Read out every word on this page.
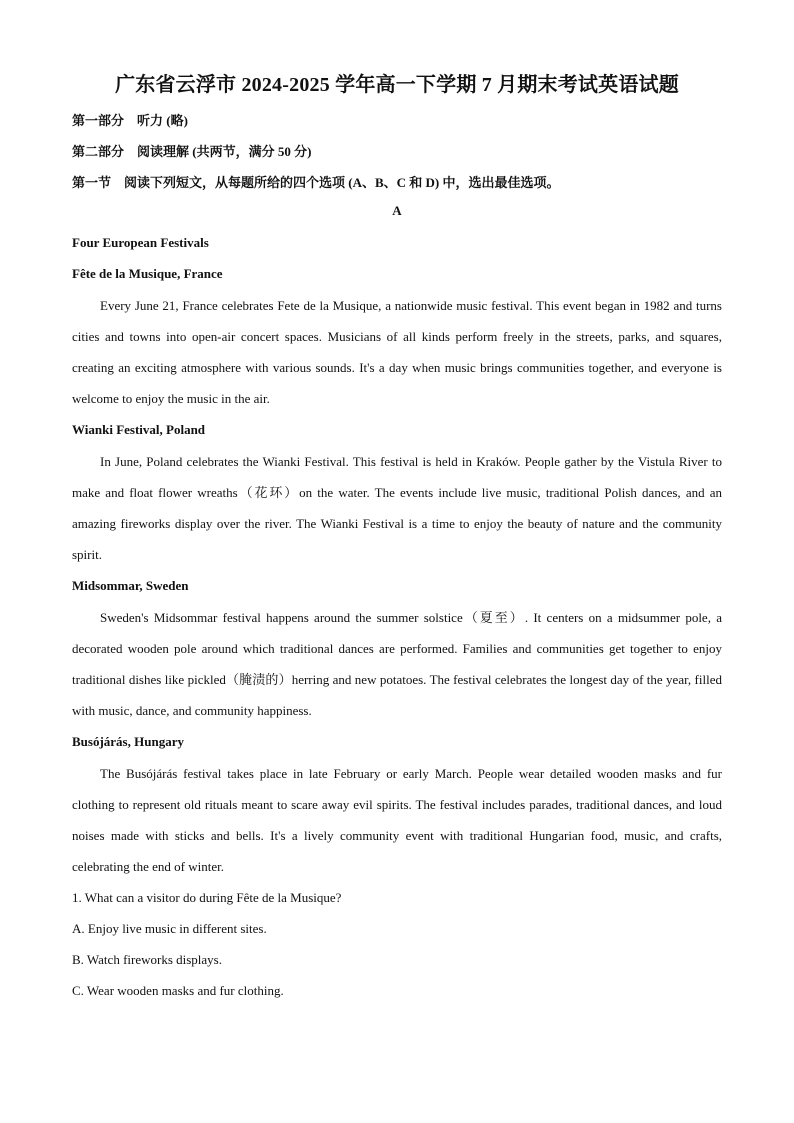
广东省云浮市 2024-2025 学年高一下学期 7 月期末考试英语试题
第一部分　听力 (略)
第二部分　阅读理解 (共两节，满分 50 分)
第一节　阅读下列短文，从每题所给的四个选项 (A、B、C 和 D) 中，选出最佳选项。
A
Four European Festivals
Fête de la Musique, France
Every June 21, France celebrates Fete de la Musique, a nationwide music festival. This event began in 1982 and turns cities and towns into open-air concert spaces. Musicians of all kinds perform freely in the streets, parks, and squares, creating an exciting atmosphere with various sounds. It's a day when music brings communities together, and everyone is welcome to enjoy the music in the air.
Wianki Festival, Poland
In June, Poland celebrates the Wianki Festival. This festival is held in Kraków. People gather by the Vistula River to make and float flower wreaths（花环）on the water. The events include live music, traditional Polish dances, and an amazing fireworks display over the river. The Wianki Festival is a time to enjoy the beauty of nature and the community spirit.
Midsommar, Sweden
Sweden's Midsommar festival happens around the summer solstice（夏至）. It centers on a midsummer pole, a decorated wooden pole around which traditional dances are performed. Families and communities get together to enjoy traditional dishes like pickled（腌渍的）herring and new potatoes. The festival celebrates the longest day of the year, filled with music, dance, and community happiness.
Busójárás, Hungary
The Busójárás festival takes place in late February or early March. People wear detailed wooden masks and fur clothing to represent old rituals meant to scare away evil spirits. The festival includes parades, traditional dances, and loud noises made with sticks and bells. It's a lively community event with traditional Hungarian food, music, and crafts, celebrating the end of winter.
1. What can a visitor do during Fête de la Musique?
A. Enjoy live music in different sites.
B. Watch fireworks displays.
C. Wear wooden masks and fur clothing.
